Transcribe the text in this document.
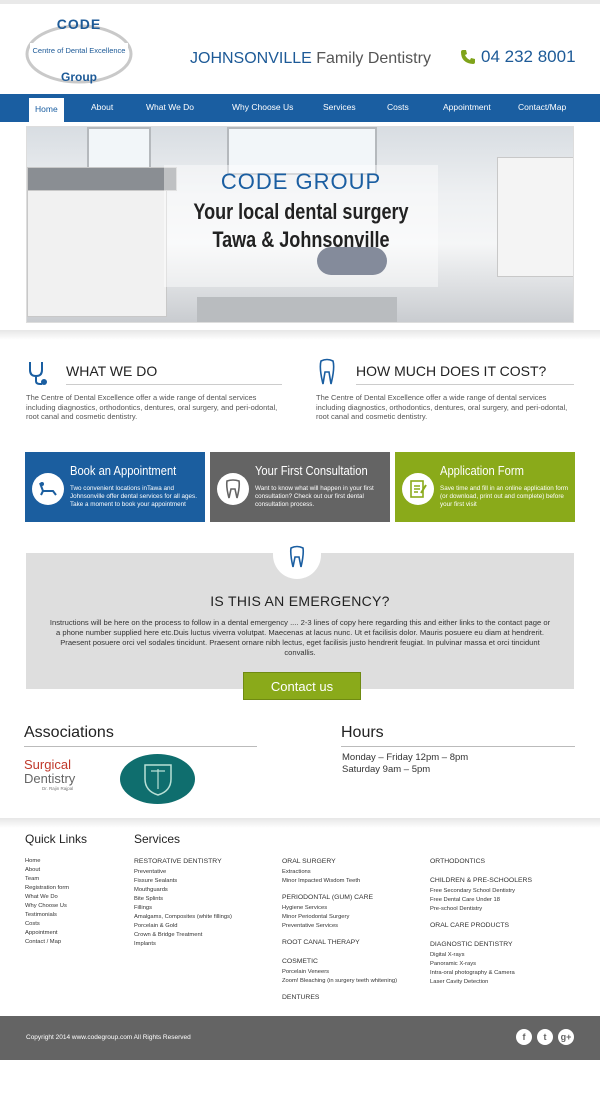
CODE
Centre of Dental Excellence
Group
JOHNSONVILLE Family Dentistry	04 232 8001
Home	About	What We Do	Why Choose Us	Services	Costs	Appointment	Contact/Map
CODE GROUP
Your local dental surgery
Tawa & Johnsonville
WHAT WE DO
The Centre of Dental Excellence offer a wide range of dental services including diagnostics, orthodontics, dentures, oral surgery, and peri-odontal, root canal and cosmetic dentistry.
HOW MUCH DOES IT COST?
The Centre of Dental Excellence offer a wide range of dental services including diagnostics, orthodontics, dentures, oral surgery, and peri-odontal, root canal and cosmetic dentistry.
Book an Appointment
Two convenient locations inTawa and Johnsonville offer dental services for all ages. Take a moment to book your appointment
Your First Consultation
Want to know what will happen in your first consultation? Check out our first dental consultation process.
Application Form
Save time and fill in an online application form (or download, print out and complete) before your first visit
IS THIS AN EMERGENCY?
Instructions will be here on the process to follow in a dental emergency .... 2-3 lines of copy here regarding this and either links to the contact page or a phone number supplied here etc.Duis luctus viverra volutpat. Maecenas at lacus nunc. Ut et facilisis dolor. Mauris posuere eu diam at hendrerit. Praesent posuere orci vel sodales tincidunt. Praesent ornare nibh lectus, eget facilisis justo hendrerit feugiat. In pulvinar massa et orci tincidunt convallis.
Contact us
Associations
Surgical
Dentistry
Dr. Rajin Rajpal
Hours
Monday – Friday 12pm – 8pm
Saturday 9am – 5pm
Quick Links	Services
Home
About
Team
Registration form
What We Do
Why Choose Us
Testimonials
Costs
Appointment
Contact / Map
RESTORATIVE DENTISTRY
Preventative
Fissure Sealants
Mouthguards
Bite Splints
Fillings
Amalgams, Composites (white fillings)
Porcelain & Gold
Crown & Bridge Treatment
Implants
ORAL SURGERY
Extractions
Minor Impacted Wisdom Teeth
PERIODONTAL (GUM) CARE
Hygiene Services
Minor Periodontal Surgery
Preventative Services
ROOT CANAL THERAPY
COSMETIC
Porcelain Veneers
Zoom! Bleaching (in surgery teeth whitening)
DENTURES
ORTHODONTICS
CHILDREN & PRE-SCHOOLERS
Free Secondary School Dentistry
Free Dental Care Under 18
Pre-school Dentistry
ORAL CARE PRODUCTS
DIAGNOSTIC DENTISTRY
Digital X-rays
Panoramic X-rays
Intra-oral photography & Camera
Laser Cavity Detection
Copyright 2014 www.codegroup.com All Rights Reserved	f	t	g+
